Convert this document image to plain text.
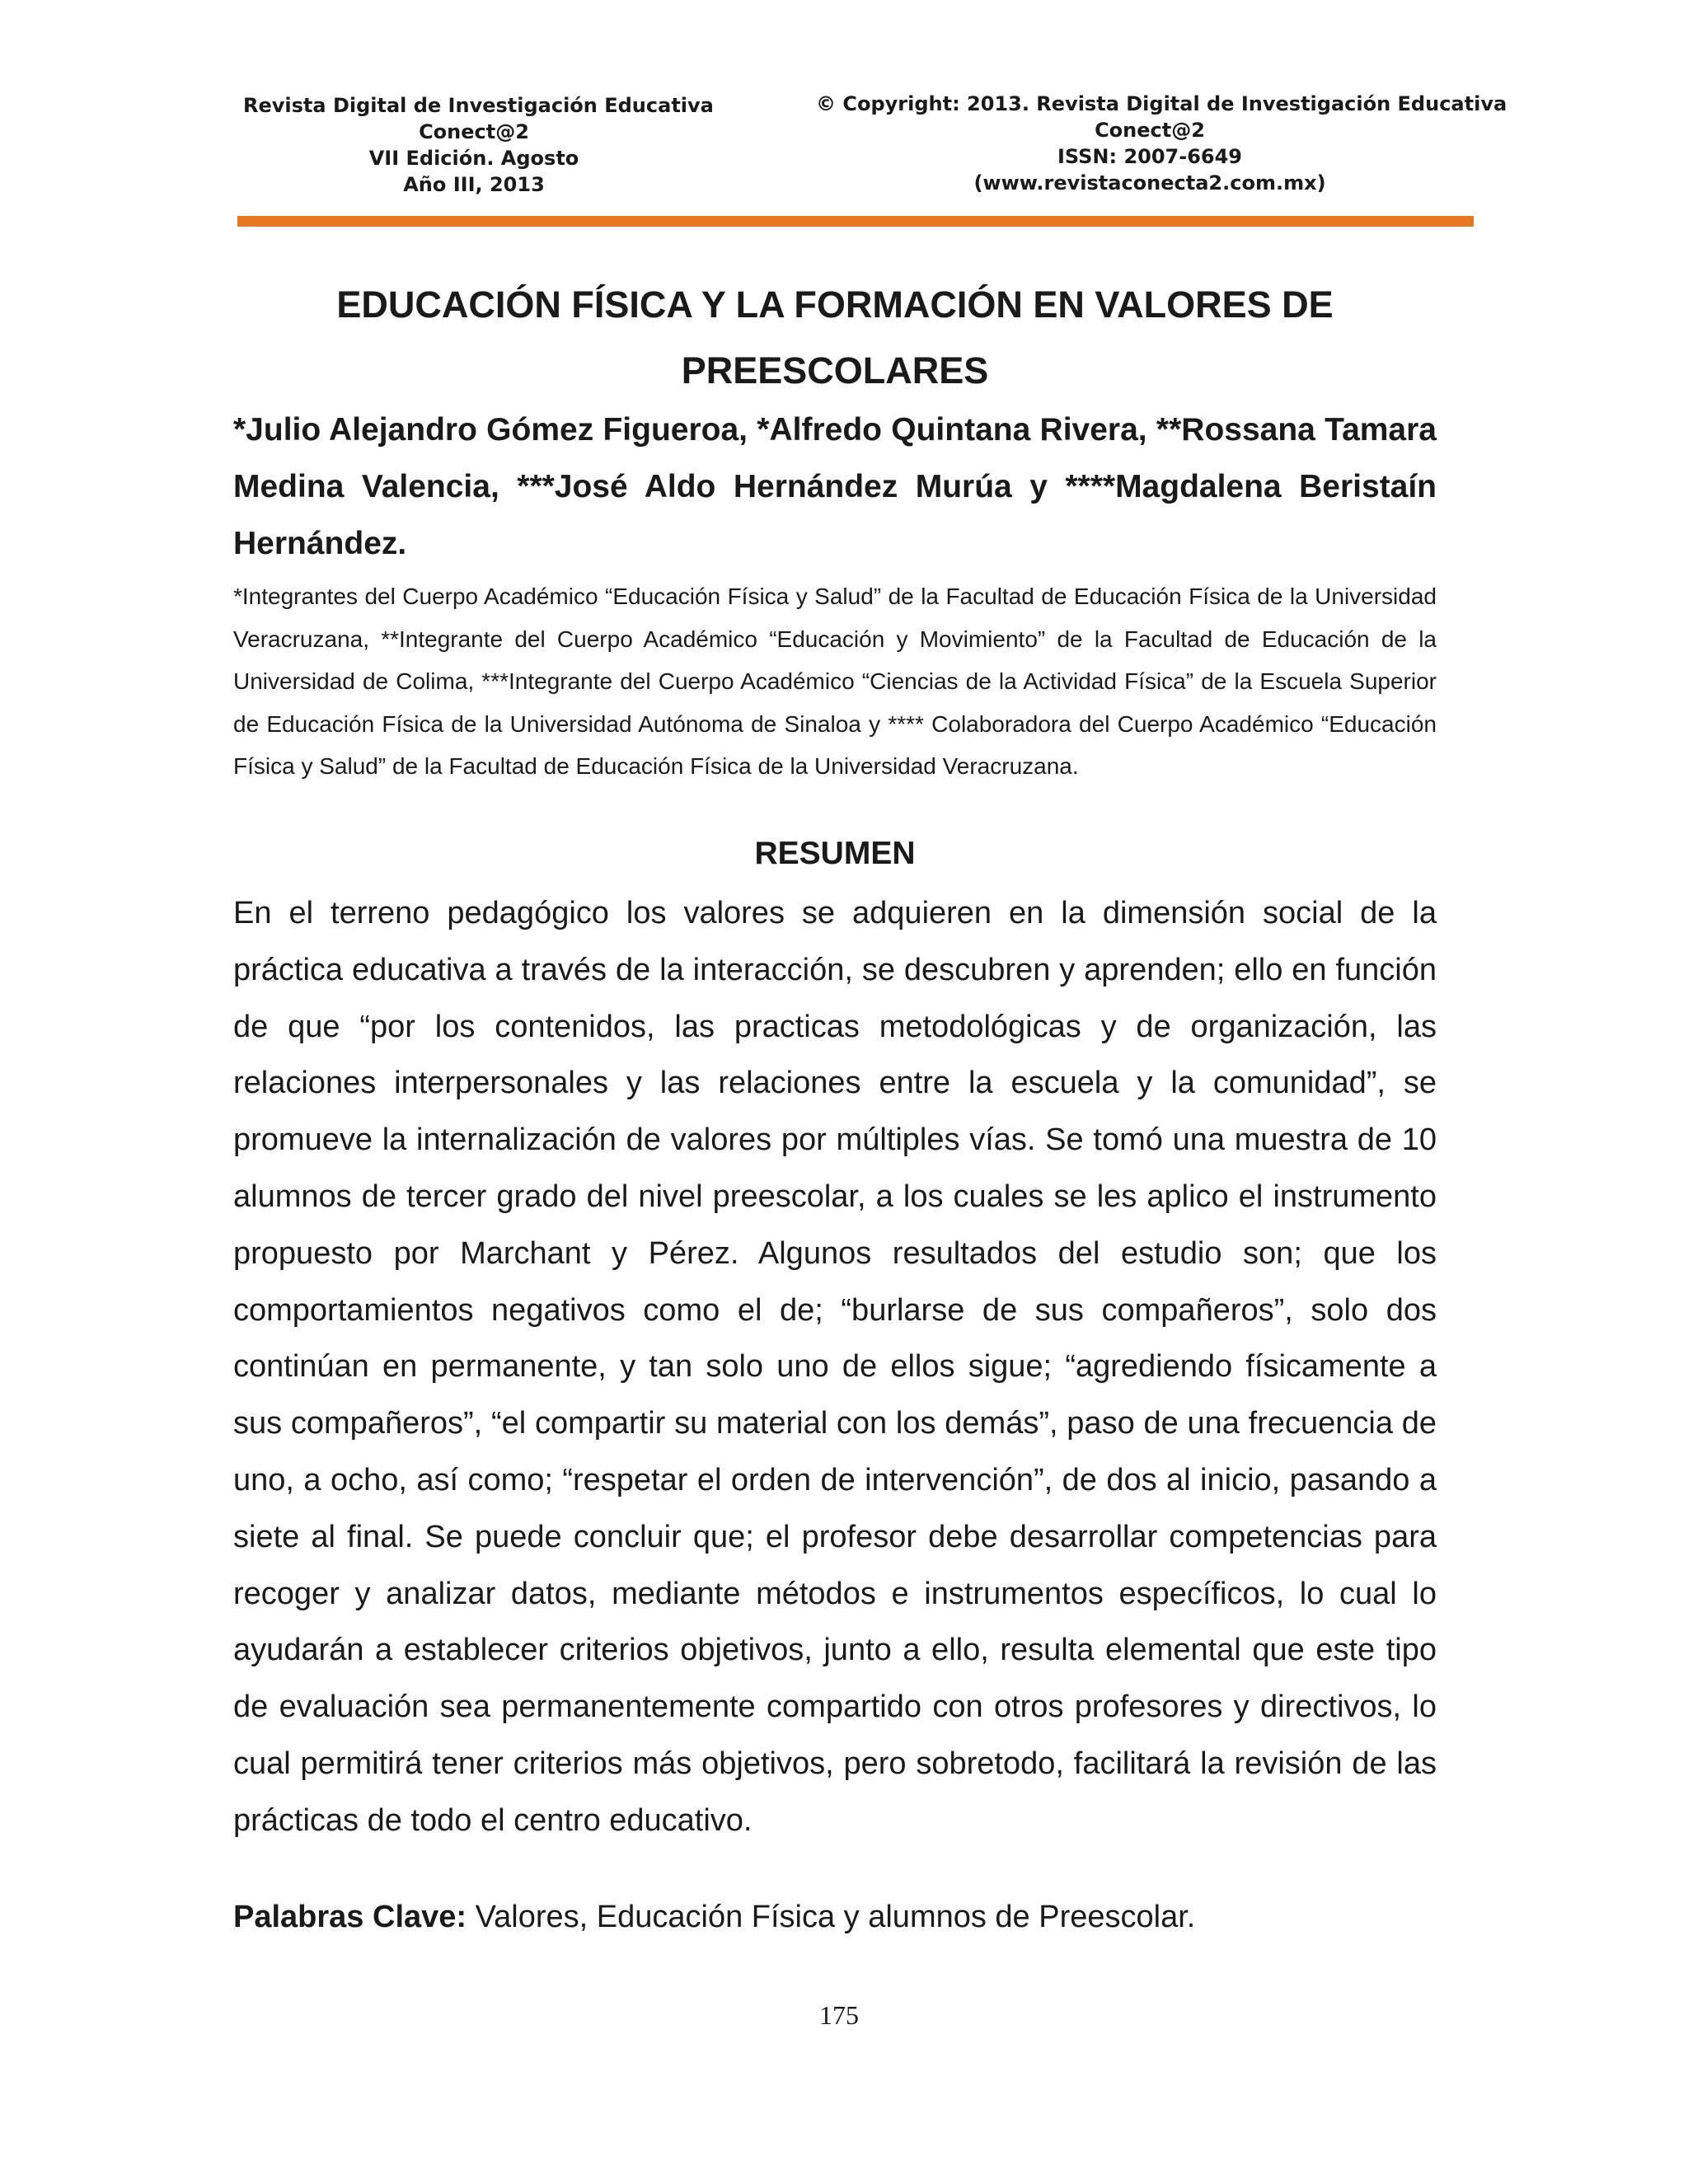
Revista Digital de Investigación Educativa
Conect@2
VII Edición. Agosto
Año III, 2013
© Copyright: 2013. Revista Digital de Investigación Educativa
Conect@2
ISSN: 2007-6649
(www.revistaconecta2.com.mx)
EDUCACIÓN FÍSICA Y LA FORMACIÓN EN VALORES DE PREESCOLARES
*Julio Alejandro Gómez Figueroa, *Alfredo Quintana Rivera, **Rossana Tamara Medina Valencia, ***José Aldo Hernández Murúa y ****Magdalena Beristaín Hernández.
*Integrantes del Cuerpo Académico “Educación Física y Salud” de la Facultad de Educación Física de la Universidad Veracruzana, **Integrante del Cuerpo Académico “Educación y Movimiento” de la Facultad de Educación de la Universidad de Colima, ***Integrante del Cuerpo Académico “Ciencias de la Actividad Física” de la Escuela Superior de Educación Física de la Universidad Autónoma de Sinaloa y **** Colaboradora del Cuerpo Académico “Educación Física y Salud” de la Facultad de Educación Física de la Universidad Veracruzana.
RESUMEN
En el terreno pedagógico los valores se adquieren en la dimensión social de la práctica educativa a través de la interacción, se descubren y aprenden; ello en función de que “por los contenidos, las practicas metodológicas y de organización, las relaciones interpersonales y las relaciones entre la escuela y la comunidad”, se promueve la internalización de valores por múltiples vías. Se tomó una muestra de 10 alumnos de tercer grado del nivel preescolar, a los cuales se les aplico el instrumento propuesto por Marchant y Pérez. Algunos resultados del estudio son; que los comportamientos negativos como el de; “burlarse de sus compañeros”, solo dos continúan en permanente, y tan solo uno de ellos sigue; “agrediendo físicamente a sus compañeros”, “el compartir su material con los demás”, paso de una frecuencia de uno, a ocho, así como; “respetar el orden de intervención”, de dos al inicio, pasando a siete al final. Se puede concluir que; el profesor debe desarrollar competencias para recoger y analizar datos, mediante métodos e instrumentos específicos, lo cual lo ayudarán a establecer criterios objetivos, junto a ello, resulta elemental que este tipo de evaluación sea permanentemente compartido con otros profesores y directivos, lo cual permitirá tener criterios más objetivos, pero sobretodo, facilitará la revisión de las prácticas de todo el centro educativo.
Palabras Clave: Valores, Educación Física y alumnos de Preescolar.
175
